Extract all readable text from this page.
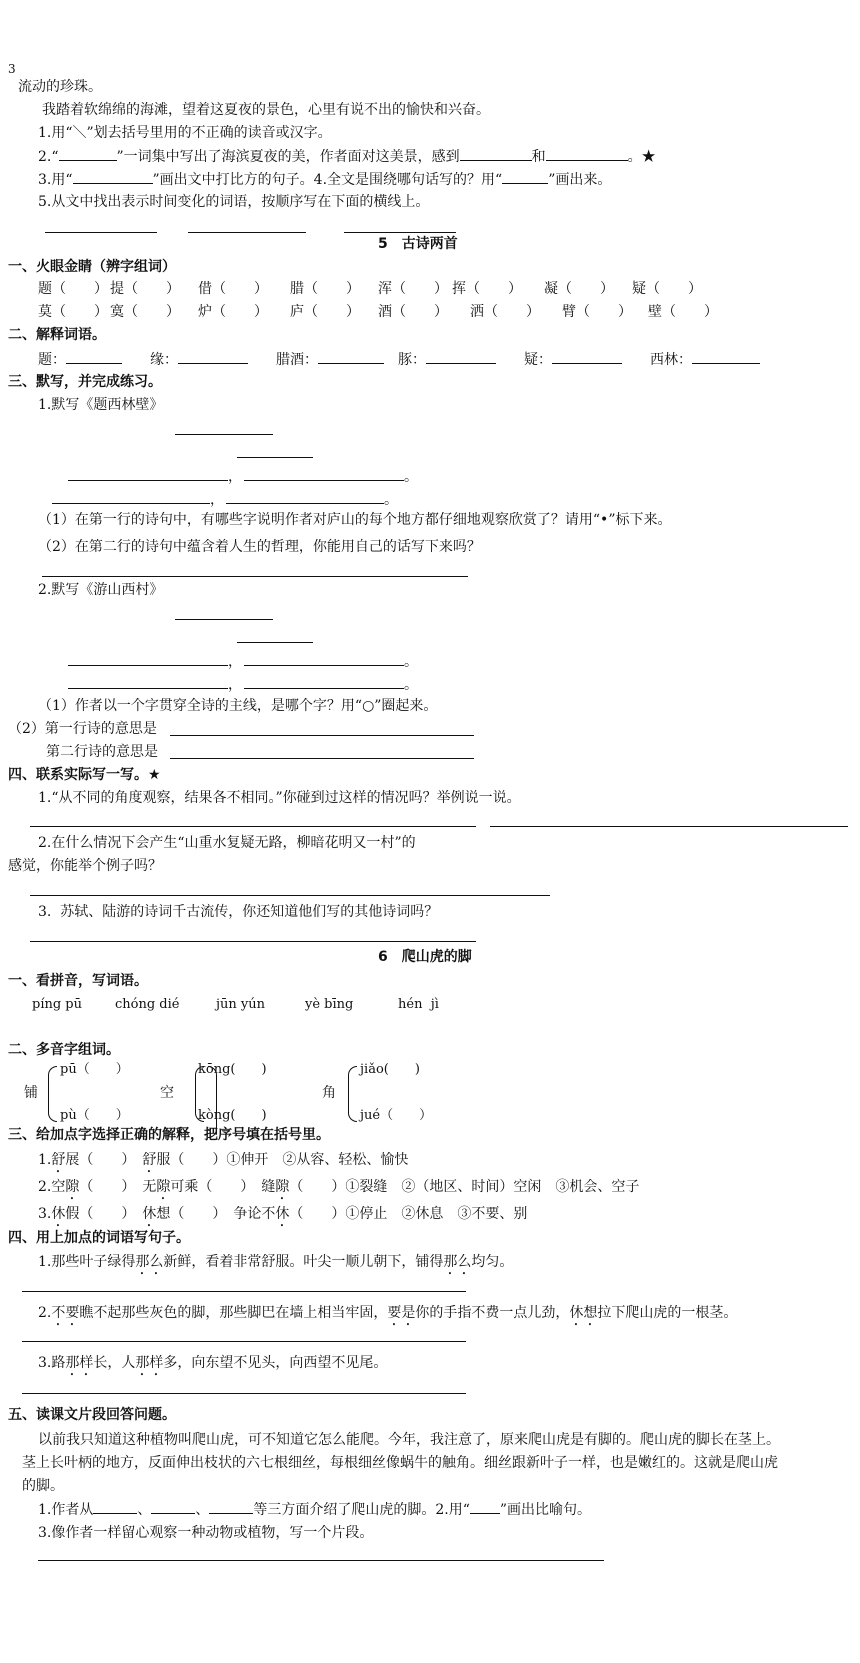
3
流动的珍珠。
我踏着软绵绵的海滩，望着这夏夜的景色，心里有说不出的愉快和兴奋。
1.用“＼”划去括号里用的不正确的读音或汉字。
2.“	”一词集中写出了海滨夏夜的美，作者面对这美景，感到	和	。★
3.用“	”画出文中打比方的句子。4.全文是围绕哪句话写的？用“	”画出来。
5.从文中找出表示时间变化的词语，按顺序写在下面的横线上。
5　古诗两首
一、火眼金睛（辨字组词）
题（　　） 提（　　） 借（　　） 腊（　　） 浑（　　） 挥（　　） 凝（　　） 疑（　　）
莫（　　） 寞（　　） 炉（　　） 庐（　　） 酒（　　） 洒（　　） 臂（　　） 壁（　　）
二、解释词语。
题：　　	缘：　　	腊酒：　	豚：　　	疑：　　	西林：
三、默写，并完成练习。
1.默写《题西林壁》
，	。
，	。
（1）在第一行的诗句中，有哪些字说明作者对庐山的每个地方都仔细地观察欣赏了？请用“•”标下来。
（2）在第二行的诗句中蕴含着人生的哲理，你能用自己的话写下来吗？
2.默写《游山西村》
，	。
，	。
（1）作者以一个字贯穿全诗的主线，是哪个字？用“○”圈起来。
（2）第一行诗的意思是
第二行诗的意思是
四、联系实际写一写。★
1.“从不同的角度观察，结果各不相同。”你碰到过这样的情况吗？举例说一说。
2.在什么情况下会产生“山重水复疑无路，柳暗花明又一村”的
感觉，你能举个例子吗？
3.  苏轼、陆游的诗词千古流传，你还知道他们写的其他诗词吗？
6　爬山虎的脚
一、看拼音，写词语。
píng pū	chóng dié	jūn yún	yè bīng	hén  jì
二、多音字组词。
铺
pū（　　）
pù（　　）
空
kōng(　　)
kòng(　　)
角
jiǎo(　　)
jué（　　）
三、给加点字选择正确的解释，把序号填在括号里。
1.舒展（　　）　舒服（　　）①伸开　②从容、轻松、愉快
2.空隙（　　）　无隙可乘（　　）　缝隙（　　）①裂缝　②（地区、时间）空闲　③机会、空子
3.休假（　　）　休想（　　）　争论不休（　　）①停止　②休息　③不要、别
四、用上加点的词语写句子。
1.那些叶子绿得那么新鲜，看着非常舒服。叶尖一顺儿朝下，铺得那么均匀。
2.不要瞧不起那些灰色的脚，那些脚巴在墙上相当牢固，要是你的手指不费一点儿劲，休想拉下爬山虎的一根茎。
3.路那样长，人那样多，向东望不见头，向西望不见尾。
五、读课文片段回答问题。
以前我只知道这种植物叫爬山虎，可不知道它怎么能爬。今年，我注意了，原来爬山虎是有脚的。爬山虎的脚长在茎上。
茎上长叶柄的地方，反面伸出枝状的六七根细丝，每根细丝像蜗牛的触角。细丝跟新叶子一样，也是嫩红的。这就是爬山虎
的脚。
1.作者从	、	、	等三方面介绍了爬山虎的脚。2.用“ ”画出比喻句。
3.像作者一样留心观察一种动物或植物，写一个片段。
